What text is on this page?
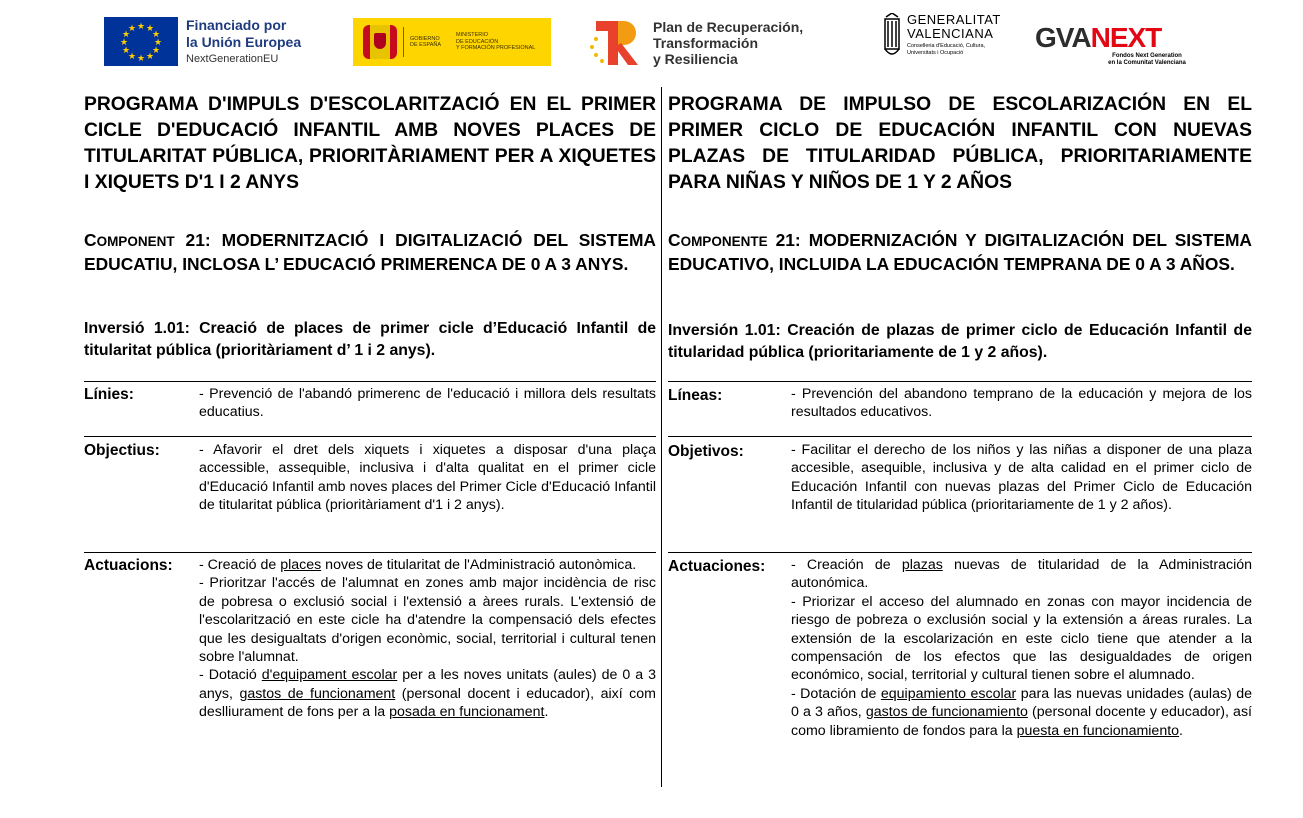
★ ★
★
★
★
★
★
★
★
★
★
★	Financiado por
la Unión Europea
NextGenerationEU
GOBIERNO
DE ESPAÑA
MINISTERIO
DE EDUCACIÓN
Y FORMACIÓN PROFESIONAL
Plan de Recuperación,
Transformación
y Resiliencia
GENERALITAT
VALENCIANA
Conselleria d'Educació, Cultura,
Universitats i Ocupació	GVANEXT
Fondos Next Generation
en la Comunitat Valenciana
PROGRAMA D'IMPULS D'ESCOLARITZACIÓ EN EL PRIMER CICLE D'EDUCACIÓ INFANTIL AMB NOVES PLACES DE TITULARITAT PÚBLICA, PRIORITÀRIAMENT PER A XIQUETES I XIQUETS D'1 I 2 ANYS
COMPONENT 21: MODERNITZACIÓ I DIGITALIZACIÓ DEL SISTEMA EDUCATIU, INCLOSA L’ EDUCACIÓ PRIMERENCA DE 0 A 3 ANYS.
Inversió 1.01: Creació de places de primer cicle d’Educació Infantil de titularitat pública (prioritàriament d’ 1 i 2 anys).
Línies:	- Prevenció de l'abandó primerenc de l'educació i millora dels resultats educatius.
Objectius:	- Afavorir el dret dels xiquets i xiquetes a disposar d'una plaça accessible, assequible, inclusiva i d'alta qualitat en el primer cicle d'Educació Infantil amb noves places del Primer Cicle d'Educació Infantil de titularitat pública (prioritàriament d'1 i 2 anys).
Actuacions: - Creació de places noves de titularitat de l'Administració autonòmica.
- Prioritzar l'accés de l'alumnat en zones amb major incidència de risc de pobresa o exclusió social i l'extensió a àrees rurals. L'extensió de l'escolarització en este cicle ha d'atendre la compensació dels efectes que les desigualtats d'origen econòmic, social, territorial i cultural tenen sobre l'alumnat.
- Dotació d'equipament escolar per a les noves unitats (aules) de 0 a 3 anys, gastos de funcionament (personal docent i educador), així com deslliurament de fons per a la posada en funcionament.
PROGRAMA DE IMPULSO DE ESCOLARIZACIÓN EN EL PRIMER CICLO DE EDUCACIÓN INFANTIL CON NUEVAS PLAZAS DE TITULARIDAD PÚBLICA, PRIORITARIAMENTE PARA NIÑAS Y NIÑOS DE 1 Y 2 AÑOS
COMPONENTE 21: MODERNIZACIÓN Y DIGITALIZACIÓN DEL SISTEMA EDUCATIVO, INCLUIDA LA EDUCACIÓN TEMPRANA DE 0 A 3 AÑOS.
Inversión 1.01: Creación de plazas de primer ciclo de Educación Infantil de titularidad pública (prioritariamente de 1 y 2 años).
Líneas:	- Prevención del abandono temprano de la educación y mejora de los resultados educativos.
Objetivos:	- Facilitar el derecho de los niños y las niñas a disponer de una plaza accesible, asequible, inclusiva y de alta calidad en el primer ciclo de Educación Infantil con nuevas plazas del Primer Ciclo de Educación Infantil de titularidad pública (prioritariamente de 1 y 2 años).
Actuaciones: - Creación de plazas nuevas de titularidad de la Administración autonómica.
- Priorizar el acceso del alumnado en zonas con mayor incidencia de riesgo de pobreza o exclusión social y la extensión a áreas rurales. La extensión de la escolarización en este ciclo tiene que atender a la compensación de los efectos que las desigualdades de origen económico, social, territorial y cultural tienen sobre el alumnado.
- Dotación de equipamiento escolar para las nuevas unidades (aulas) de 0 a 3 años, gastos de funcionamiento (personal docente y educador), así como libramiento de fondos para la puesta en funcionamiento.
